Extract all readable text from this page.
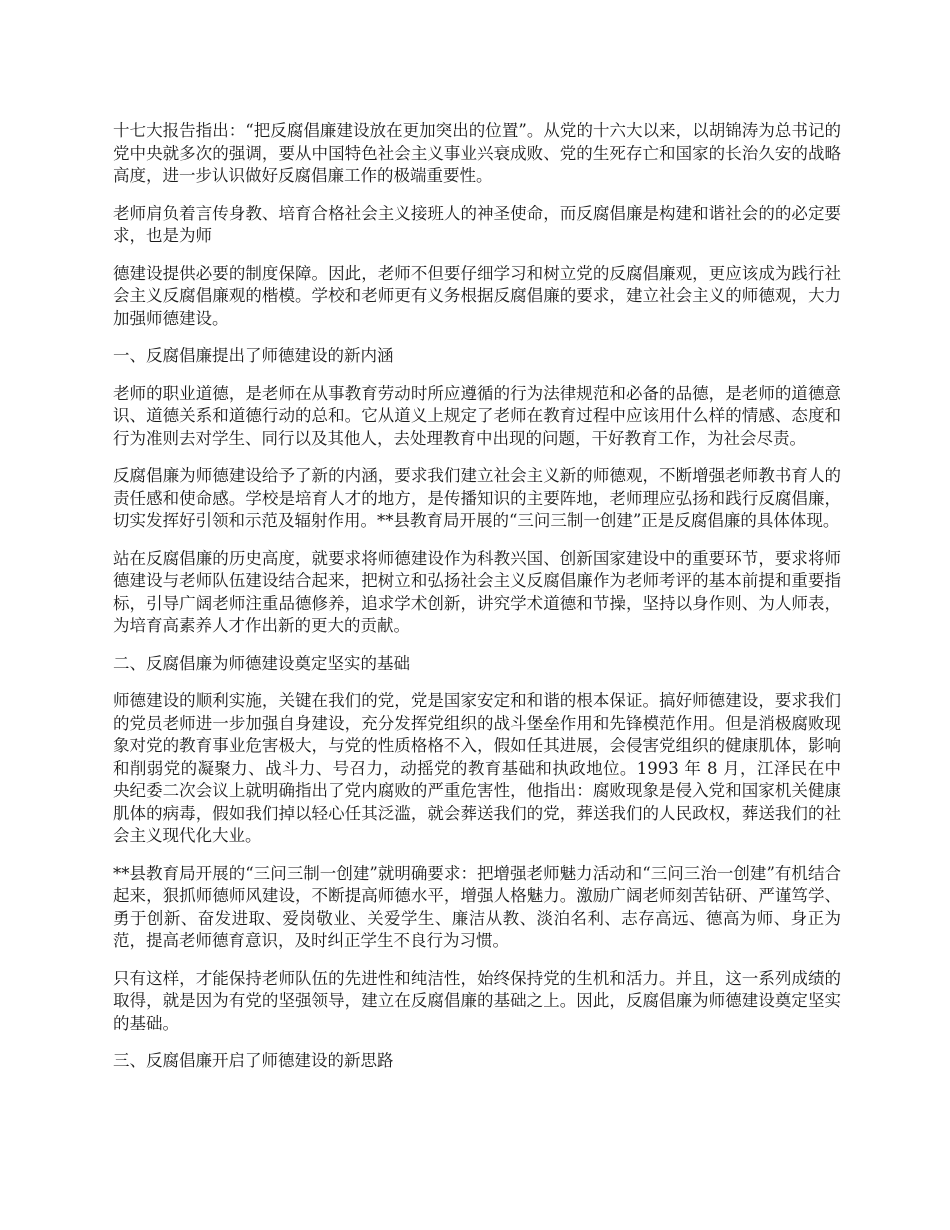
十七大报告指出：“把反腐倡廉建设放在更加突出的位置”。从党的十六大以来，以胡锦涛为总书记的党中央就多次的强调，要从中国特色社会主义事业兴衰成败、党的生死存亡和国家的长治久安的战略高度，进一步认识做好反腐倡廉工作的极端重要性。

老师肩负着言传身教、培育合格社会主义接班人的神圣使命，而反腐倡廉是构建和谐社会的的必定要求，也是为师

德建设提供必要的制度保障。因此，老师不但要仔细学习和树立党的反腐倡廉观，更应该成为践行社会主义反腐倡廉观的楷模。学校和老师更有义务根据反腐倡廉的要求，建立社会主义的师德观，大力加强师德建设。

一、反腐倡廉提出了师德建设的新内涵

老师的职业道德，是老师在从事教育劳动时所应遵循的行为法律规范和必备的品德，是老师的道德意识、道德关系和道德行动的总和。它从道义上规定了老师在教育过程中应该用什么样的情感、态度和行为准则去对学生、同行以及其他人，去处理教育中出现的问题，干好教育工作，为社会尽责。

反腐倡廉为师德建设给予了新的内涵，要求我们建立社会主义新的师德观，不断增强老师教书育人的责任感和使命感。学校是培育人才的地方，是传播知识的主要阵地，老师理应弘扬和践行反腐倡廉，切实发挥好引领和示范及辐射作用。**县教育局开展的“三问三制一创建”正是反腐倡廉的具体体现。

站在反腐倡廉的历史高度，就要求将师德建设作为科教兴国、创新国家建设中的重要环节，要求将师德建设与老师队伍建设结合起来，把树立和弘扬社会主义反腐倡廉作为老师考评的基本前提和重要指标，引导广阔老师注重品德修养，追求学术创新，讲究学术道德和节操，坚持以身作则、为人师表，为培育高素养人才作出新的更大的贡献。

二、反腐倡廉为师德建设奠定坚实的基础

师德建设的顺利实施，关键在我们的党，党是国家安定和和谐的根本保证。搞好师德建设，要求我们的党员老师进一步加强自身建设，充分发挥党组织的战斗堡垒作用和先锋模范作用。但是消极腐败现象对党的教育事业危害极大，与党的性质格格不入，假如任其进展，会侵害党组织的健康肌体，影响和削弱党的凝聚力、战斗力、号召力，动摇党的教育基础和执政地位。1993 年 8 月，江泽民在中央纪委二次会议上就明确指出了党内腐败的严重危害性，他指出：腐败现象是侵入党和国家机关健康肌体的病毒，假如我们掉以轻心任其泛滥，就会葬送我们的党，葬送我们的人民政权，葬送我们的社会主义现代化大业。

**县教育局开展的“三问三制一创建”就明确要求：把增强老师魅力活动和“三问三治一创建”有机结合起来，狠抓师德师风建设，不断提高师德水平，增强人格魅力。激励广阔老师刻苦钻研、严谨笃学、勇于创新、奋发进取、爱岗敬业、关爱学生、廉洁从教、淡泊名利、志存高远、德高为师、身正为范，提高老师德育意识，及时纠正学生不良行为习惯。

只有这样，才能保持老师队伍的先进性和纯洁性，始终保持党的生机和活力。并且，这一系列成绩的取得，就是因为有党的坚强领导，建立在反腐倡廉的基础之上。因此，反腐倡廉为师德建设奠定坚实的基础。

三、反腐倡廉开启了师德建设的新思路
